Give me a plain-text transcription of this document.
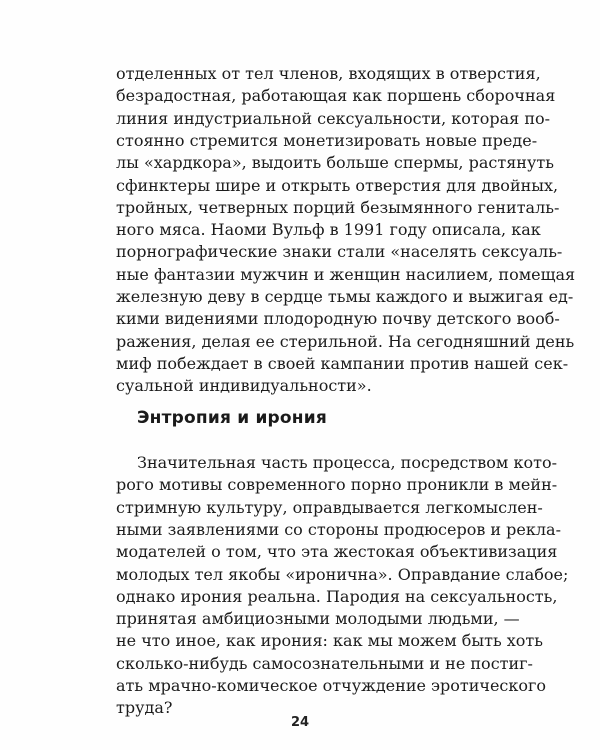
отделенных от тел членов, входящих в отверстия,
безрадостная, работающая как поршень сборочная
линия индустриальной сексуальности, которая по-
стоянно стремится монетизировать новые преде-
лы «хардкора», выдоить больше спермы, растянуть
сфинктеры шире и открыть отверстия для двойных,
тройных, четверных порций безымянного гениталь-
ного мяса. Наоми Вульф в 1991 году описала, как
порнографические знаки стали «населять сексуаль-
ные фантазии мужчин и женщин насилием, помещая
железную деву в сердце тьмы каждого и выжигая ед-
кими видениями плодородную почву детского вооб-
ражения, делая ее стерильной. На сегодняшний день
миф побеждает в своей кампании против нашей сек-
суальной индивидуальности».
Энтропия и ирония
Значительная часть процесса, посредством кото-
рого мотивы современного порно проникли в мейн-
стримную культуру, оправдывается легкомыслен-
ными заявлениями со стороны продюсеров и рекла-
модателей о том, что эта жестокая объективизация
молодых тел якобы «иронична». Оправдание слабое;
однако ирония реальна. Пародия на сексуальность,
принятая амбициозными молодыми людьми, —
не что иное, как ирония: как мы можем быть хоть
сколько-нибудь самосознательными и не постиг-
ать мрачно-комическое отчуждение эротического
труда?
24
